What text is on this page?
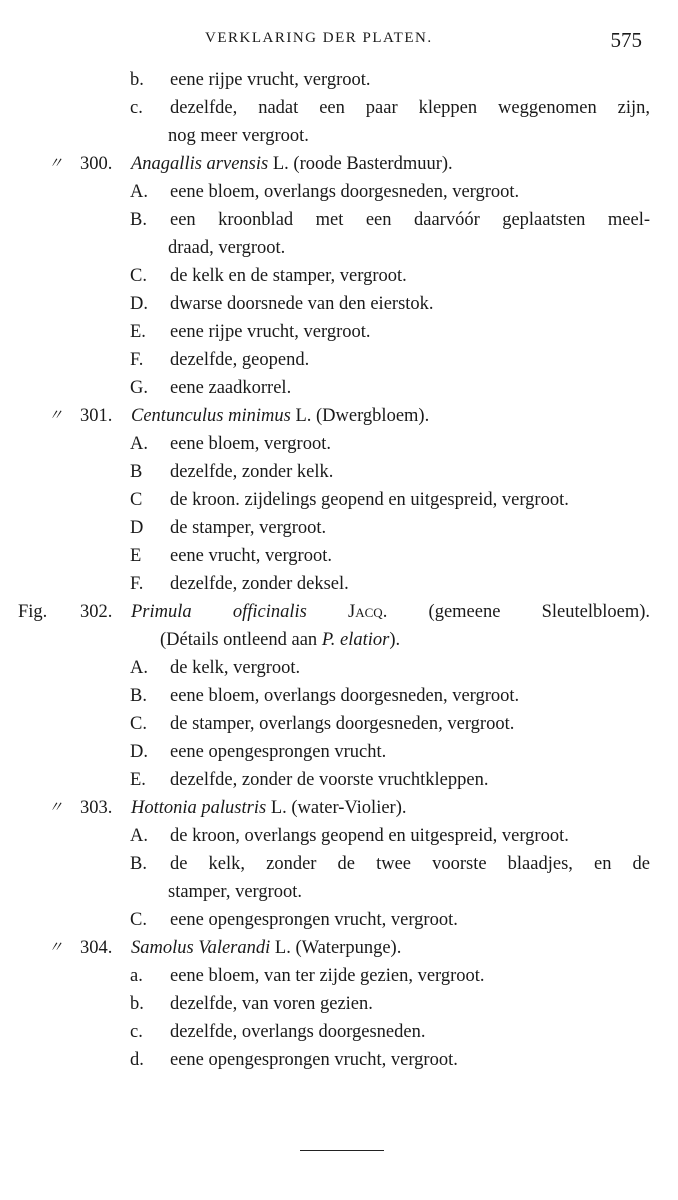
VERKLARING DER PLATEN.	575
b. eene rijpe vrucht, vergroot.
c. dezelfde, nadat een paar kleppen weggenomen zijn,
nog meer vergroot.
〃 300. Anagallis arvensis L. (roode Basterdmuur).
A. eene bloem, overlangs doorgesneden, vergroot.
B. een kroonblad met een daarvóór geplaatsten meel-
draad, vergroot.
C. de kelk en de stamper, vergroot.
D. dwarse doorsnede van den eierstok.
E. eene rijpe vrucht, vergroot.
F. dezelfde, geopend.
G. eene zaadkorrel.
〃 301. Centunculus minimus L. (Dwergbloem).
A. eene bloem, vergroot.
B dezelfde, zonder kelk.
C de kroon. zijdelings geopend en uitgespreid, vergroot.
D de stamper, vergroot.
E eene vrucht, vergroot.
F. dezelfde, zonder deksel.
Fig. 302. Primula officinalis Jacq. (gemeene Sleutelbloem).
(Détails ontleend aan P. elatior).
A. de kelk, vergroot.
B. eene bloem, overlangs doorgesneden, vergroot.
C. de stamper, overlangs doorgesneden, vergroot.
D. eene opengesprongen vrucht.
E. dezelfde, zonder de voorste vruchtkleppen.
〃 303. Hottonia palustris L. (water-Violier).
A. de kroon, overlangs geopend en uitgespreid, vergroot.
B. de kelk, zonder de twee voorste blaadjes, en de
stamper, vergroot.
C. eene opengesprongen vrucht, vergroot.
〃 304. Samolus Valerandi L. (Waterpunge).
a. eene bloem, van ter zijde gezien, vergroot.
b. dezelfde, van voren gezien.
c. dezelfde, overlangs doorgesneden.
d. eene opengesprongen vrucht, vergroot.
